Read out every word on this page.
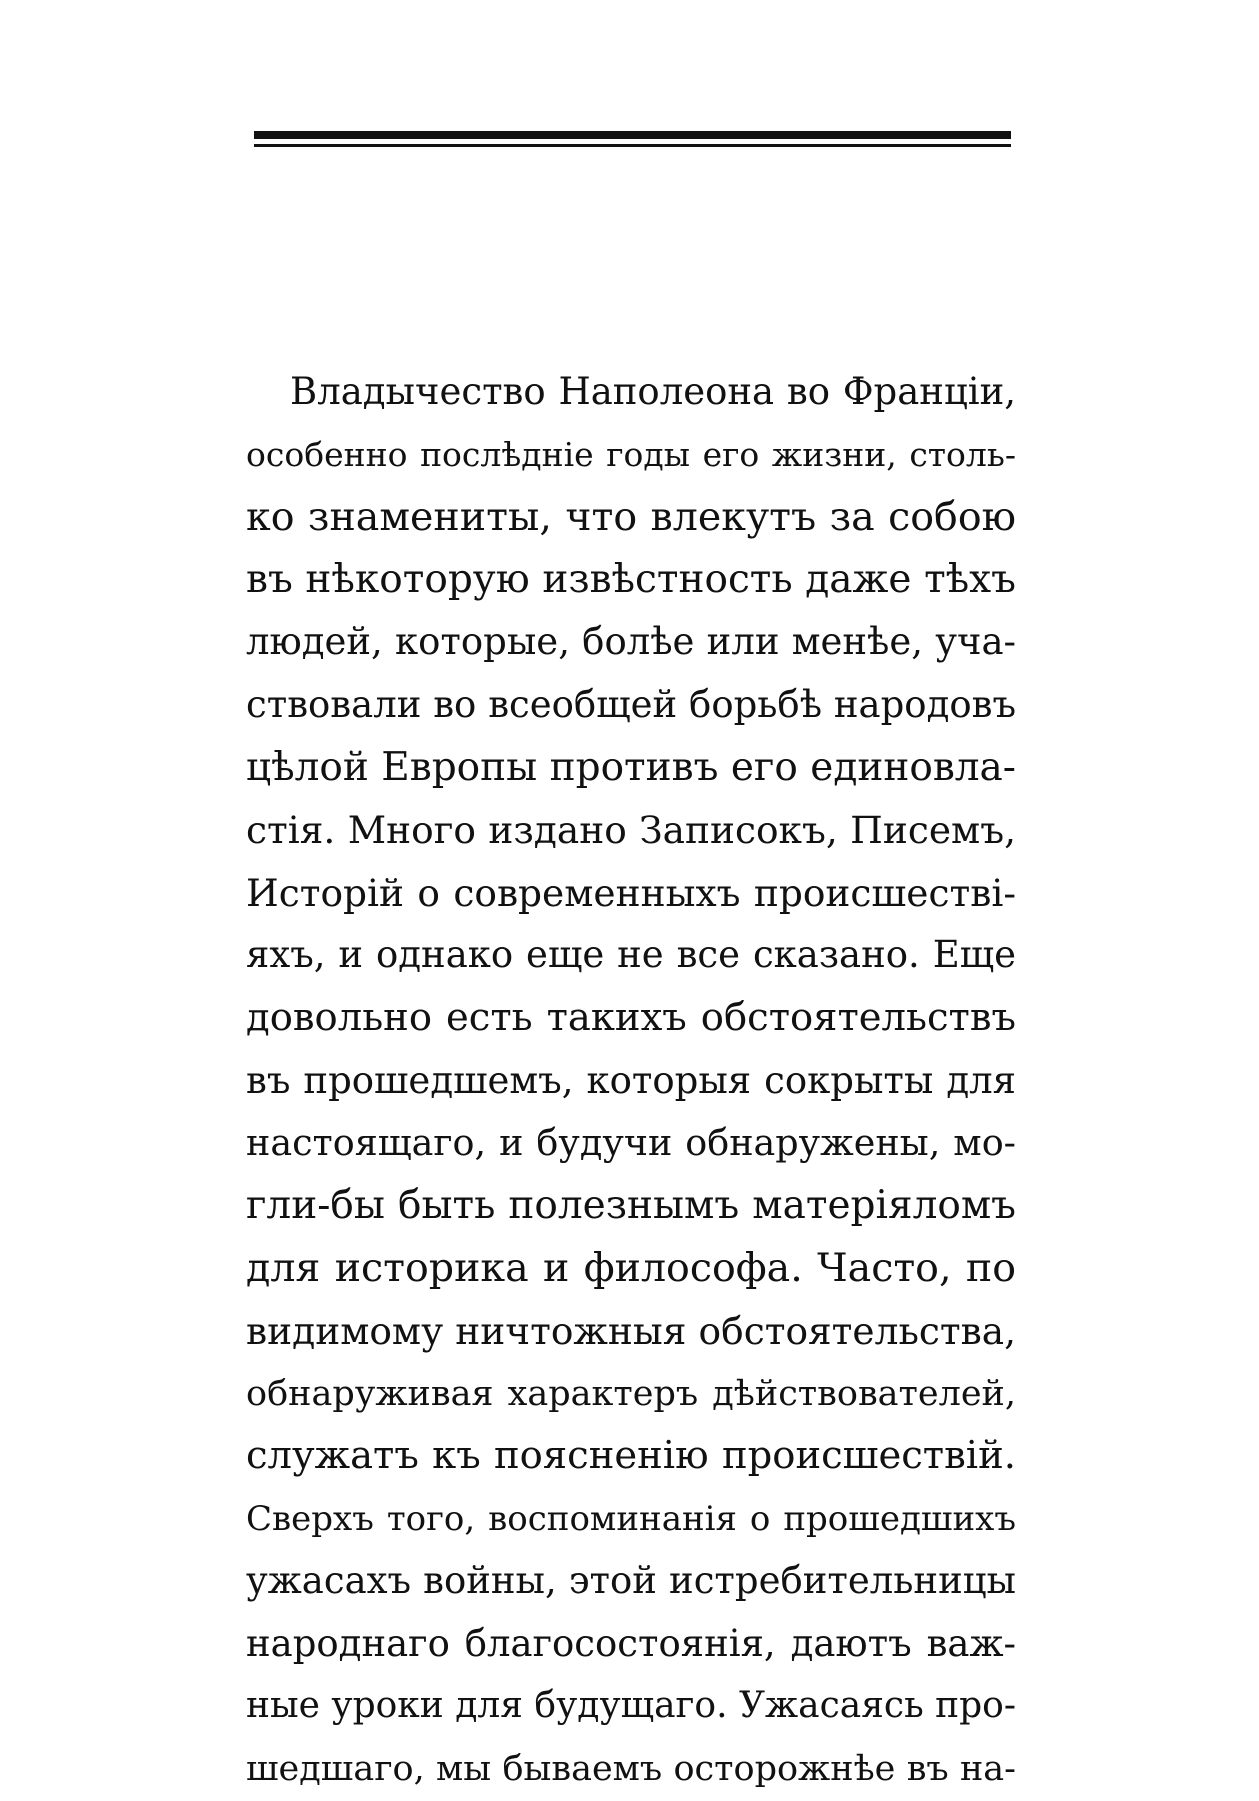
Владычество Наполеона во Франціи,
особенно послѣдніе годы его жизни, столь-
ко знамениты, что влекутъ за собою
въ нѣкоторую извѣстность даже тѣхъ
людей, которые, болѣе или менѣе, уча-
ствовали во всеобщей борьбѣ народовъ
цѣлой Европы противъ его единовла-
стія. Много издано Записокъ, Писемъ,
Исторій о современныхъ происшествi-
яхъ, и однако еще не все сказано. Еще
довольно есть такихъ обстоятельствъ
въ прошедшемъ, которыя сокрыты для
настоящаго, и будучи обнаружены, мо-
гли-бы быть полезнымъ матеріяломъ
для историка и философа. Часто, по
видимому ничтожныя обстоятельства,
обнаруживая характеръ дѣйствователей,
служатъ къ поясненію происшествій.
Сверхъ того, воспоминанія о прошедшихъ
ужасахъ войны, этой истребительницы
народнаго благосостоянія, даютъ важ-
ные уроки для будущаго. Ужасаясь про-
шедшаго, мы бываемъ осторожнѣе въ на-
